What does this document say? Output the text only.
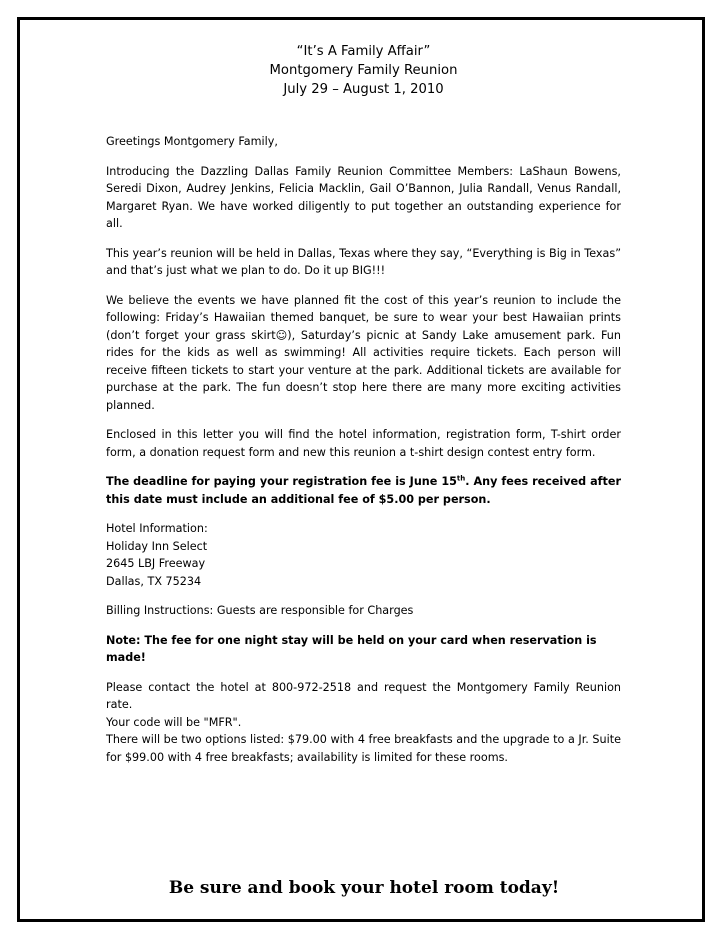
“It’s A Family Affair”
Montgomery Family Reunion
July 29 – August 1, 2010

Greetings Montgomery Family,

Introducing the Dazzling Dallas Family Reunion Committee Members: LaShaun Bowens, Seredi Dixon, Audrey Jenkins, Felicia Macklin, Gail O’Bannon, Julia Randall, Venus Randall, Margaret Ryan. We have worked diligently to put together an outstanding experience for all.

This year’s reunion will be held in Dallas, Texas where they say, “Everything is Big in Texas” and that’s just what we plan to do. Do it up BIG!!!

We believe the events we have planned fit the cost of this year’s reunion to include the following: Friday’s Hawaiian themed banquet, be sure to wear your best Hawaiian prints (don’t forget your grass skirt☺), Saturday’s picnic at Sandy Lake amusement park. Fun rides for the kids as well as swimming! All activities require tickets. Each person will receive fifteen tickets to start your venture at the park. Additional tickets are available for purchase at the park. The fun doesn’t stop here there are many more exciting activities planned.

Enclosed in this letter you will find the hotel information, registration form, T-shirt order form, a donation request form and new this reunion a t-shirt design contest entry form.

The deadline for paying your registration fee is June 15th. Any fees received after this date must include an additional fee of $5.00 per person.

Hotel Information:
Holiday Inn Select
2645 LBJ Freeway
Dallas, TX 75234

Billing Instructions: Guests are responsible for Charges

Note: The fee for one night stay will be held on your card when reservation is made!

Please contact the hotel at 800-972-2518 and request the Montgomery Family Reunion rate.
Your code will be "MFR".
There will be two options listed: $79.00 with 4 free breakfasts and the upgrade to a Jr. Suite for $99.00 with 4 free breakfasts; availability is limited for these rooms.

Be sure and book your hotel room today!
